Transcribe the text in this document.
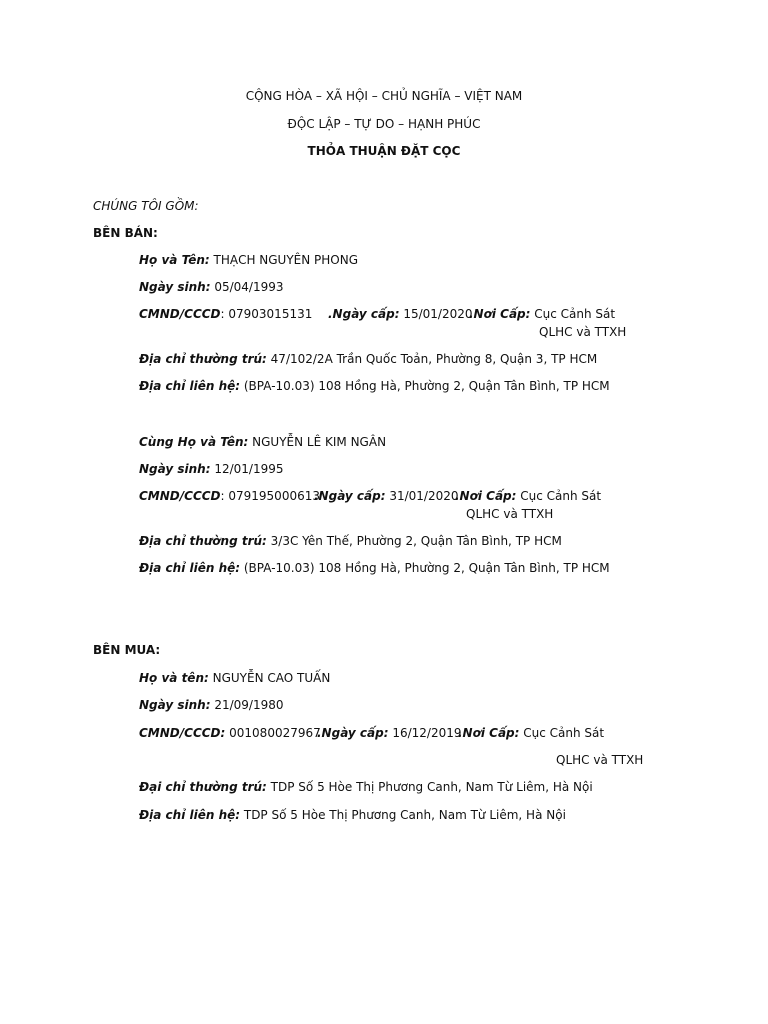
CỘNG HÒA – XÃ HỘI – CHỦ NGHĨA – VIỆT NAM
ĐỘC LẬP – TỰ DO – HẠNH PHÚC
THỎA THUẬN ĐẶT CỌC
CHÚNG TÔI GỒM:
BÊN BÁN:
Họ và Tên: THẠCH NGUYÊN PHONG
Ngày sinh: 05/04/1993
CMND/CCCD: 07903015131 .Ngày cấp: 15/01/2020
.Nơi Cấp: Cục Cảnh Sát
QLHC và TTXH
Địa chỉ thường trú: 47/102/2A Trần Quốc Toản, Phường 8, Quận 3, TP HCM
Địa chỉ liên hệ: (BPA-10.03) 108 Hồng Hà, Phường 2, Quận Tân Bình, TP HCM
Cùng Họ và Tên: NGUYỄN LÊ KIM NGÂN
Ngày sinh: 12/01/1995
CMND/CCCD: 079195000613
.Ngày cấp: 31/01/2020
.Nơi Cấp: Cục Cảnh Sát
QLHC và TTXH
Địa chỉ thường trú: 3/3C Yên Thế, Phường 2, Quận Tân Bình, TP HCM
Địa chỉ liên hệ: (BPA-10.03) 108 Hồng Hà, Phường 2, Quận Tân Bình, TP HCM
BÊN MUA:
Họ và tên: NGUYỄN CAO TUẤN
Ngày sinh: 21/09/1980
CMND/CCCD: 001080027967
.Ngày cấp: 16/12/2019
.Nơi Cấp: Cục Cảnh Sát
QLHC và TTXH
Đại chỉ thường trú: TDP Số 5 Hòe Thị Phương Canh, Nam Từ Liêm, Hà Nội
Địa chỉ liên hệ: TDP Số 5 Hòe Thị Phương Canh, Nam Từ Liêm, Hà Nội
